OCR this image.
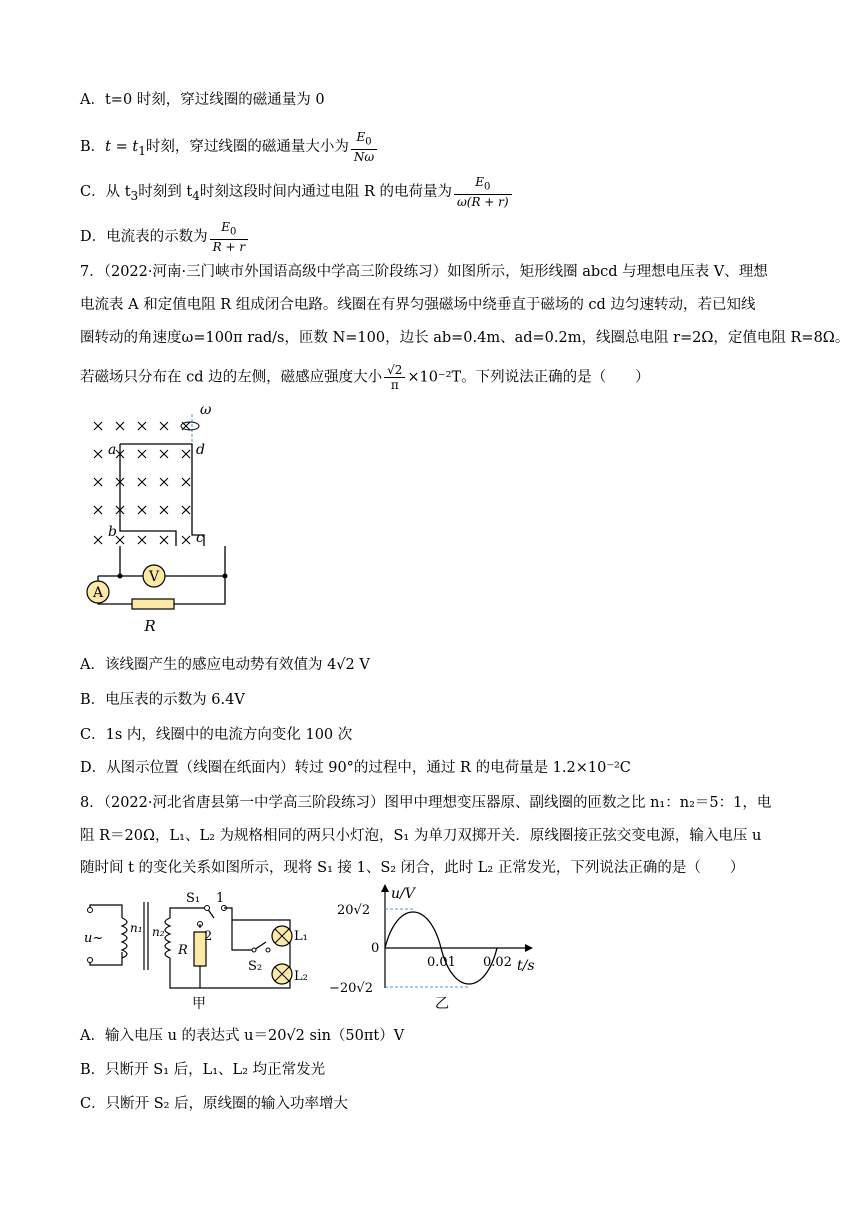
A．t=0 时刻，穿过线圈的磁通量为 0
B．$t = t_1$时刻，穿过线圈的磁通量大小为 $\frac{E_0}{N\omega}$
C．从 $t_3$时刻到 $t_4$时刻这段时间内通过电阻 R 的电荷量为 $\frac{E_0}{\omega(R + r)}$
D．电流表的示数为 $\frac{E_0}{R + r}$
7．（2022·河南·三门峡市外国语高级中学高三阶段练习）如图所示，矩形线圈 abcd 与理想电压表 V、理想
电流表 A 和定值电阻 R 组成闭合电路。线圈在有界匀强磁场中绕垂直于磁场的 cd 边匀速转动，若已知线
圈转动的角速度ω=100π rad/s，匝数 N=100，边长 ab=0.4m、ad=0.2m，线圈总电阻 r=2Ω，定值电阻 R=8Ω。
若磁场只分布在 cd 边的左侧，磁感应强度大小 $\frac{√2}{\pi} \times 10^{-2}T$。下列说法正确的是（　　）
V
A
R
ω
a
b	c
d
A．该线圈产生的感应电动势有效值为 4√2 V
B．电压表的示数为 6.4V
C．1s 内，线圈中的电流方向变化 100 次
D．从图示位置（线圈在纸面内）转过 90°的过程中，通过 R 的电荷量是 1.2×10⁻²C
8．（2022·河北省唐县第一中学高三阶段练习）图甲中理想变压器原、副线圈的匝数之比 n₁：n₂＝5：1，电
阻 R＝20Ω，L₁、L₂ 为规格相同的两只小灯泡，S₁ 为单刀双掷开关．原线圈接正弦交变电源，输入电压 u
随时间 t 的变化关系如图所示，现将 S₁ 接 1、S₂ 闭合，此时 L₂ 正常发光，下列说法正确的是（　　）
u~
n₁ n₂
R
S₁ 1
2
S₂
L₁
L₂
甲
u/V
t/s
20√2
−20√2
0
0.01 0.02
乙
A．输入电压 u 的表达式 u＝20√2 sin（50πt）V
B．只断开 S₁ 后，L₁、L₂ 均正常发光
C．只断开 S₂ 后，原线圈的输入功率增大
